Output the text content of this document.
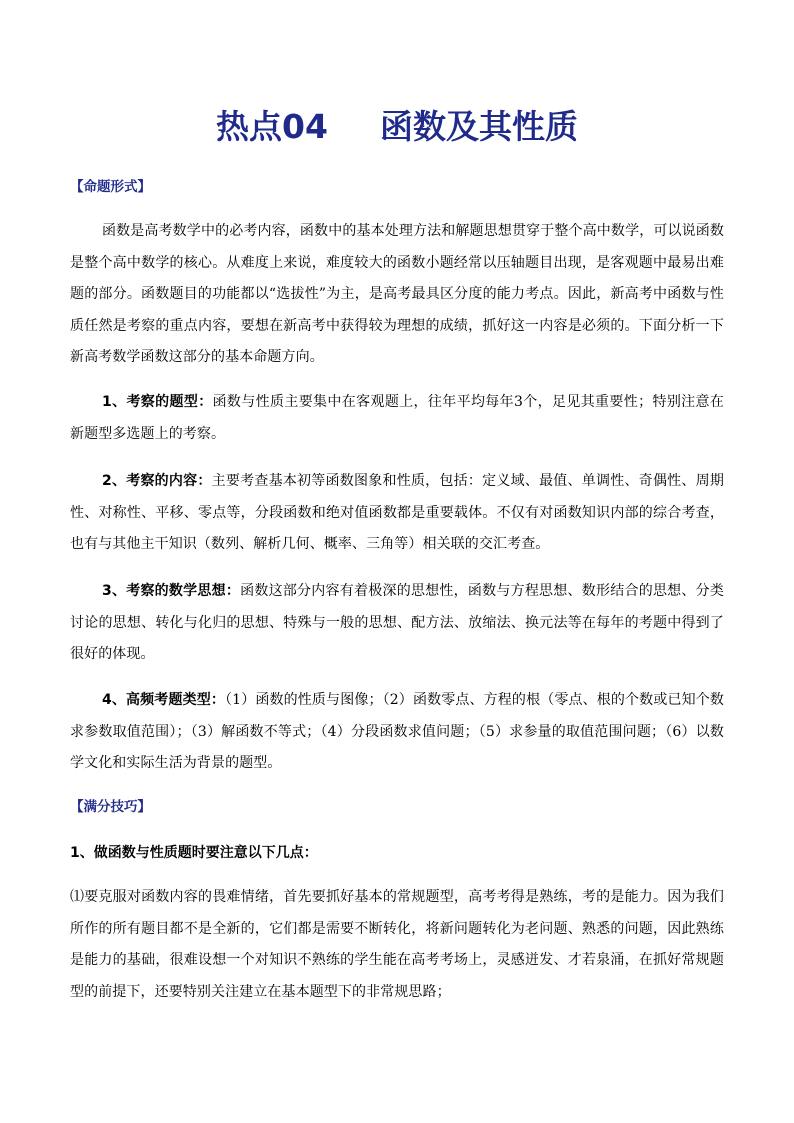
热点04 函数及其性质
【命题形式】
函数是高考数学中的必考内容，函数中的基本处理方法和解题思想贯穿于整个高中数学，可以说函数是整个高中数学的核心。从难度上来说，难度较大的函数小题经常以压轴题目出现，是客观题中最易出难题的部分。函数题目的功能都以“选拔性”为主，是高考最具区分度的能力考点。因此，新高考中函数与性质任然是考察的重点内容，要想在新高考中获得较为理想的成绩，抓好这一内容是必须的。下面分析一下新高考数学函数这部分的基本命题方向。
1、考察的题型：函数与性质主要集中在客观题上，往年平均每年3个，足见其重要性；特别注意在新题型多选题上的考察。
2、考察的内容：主要考查基本初等函数图象和性质，包括：定义域、最值、单调性、奇偶性、周期性、对称性、平移、零点等，分段函数和绝对值函数都是重要载体。不仅有对函数知识内部的综合考查，也有与其他主干知识（数列、解析几何、概率、三角等）相关联的交汇考查。
3、考察的数学思想：函数这部分内容有着极深的思想性，函数与方程思想、数形结合的思想、分类讨论的思想、转化与化归的思想、特殊与一般的思想、配方法、放缩法、换元法等在每年的考题中得到了很好的体现。
4、高频考题类型：（1）函数的性质与图像；（2）函数零点、方程的根（零点、根的个数或已知个数求参数取值范围）；（3）解函数不等式；（4）分段函数求值问题；（5）求参量的取值范围问题；（6）以数学文化和实际生活为背景的题型。
【满分技巧】
1、做函数与性质题时要注意以下几点：
⑴要克服对函数内容的畏难情绪，首先要抓好基本的常规题型，高考考得是熟练，考的是能力。因为我们所作的所有题目都不是全新的，它们都是需要不断转化，将新问题转化为老问题、熟悉的问题，因此熟练是能力的基础，很难设想一个对知识不熟练的学生能在高考考场上，灵感迸发、才若泉涌，在抓好常规题型的前提下，还要特别关注建立在基本题型下的非常规思路；
